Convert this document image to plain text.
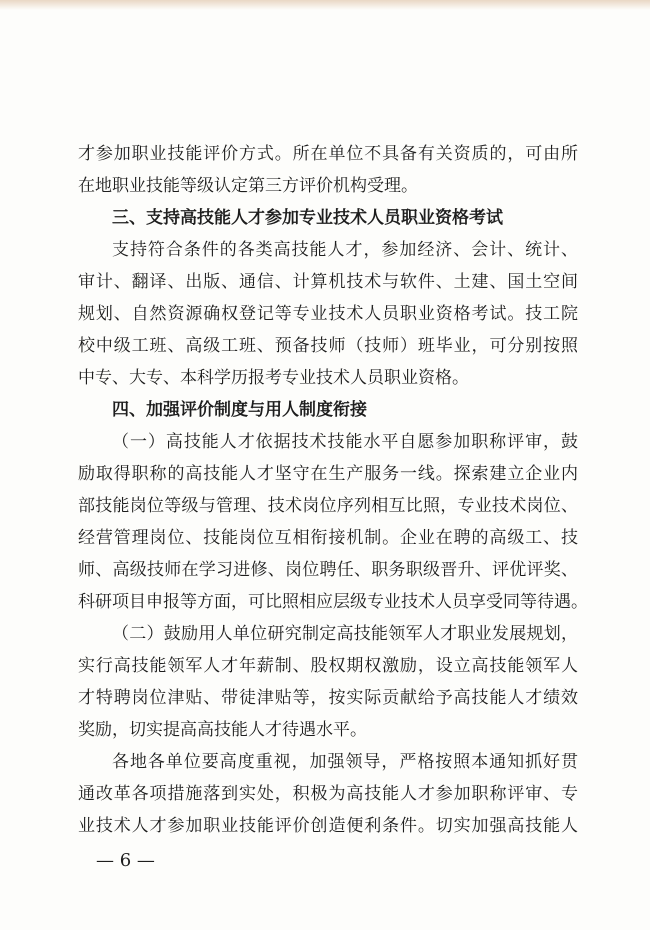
才参加职业技能评价方式。所在单位不具备有关资质的，可由所
在地职业技能等级认定第三方评价机构受理。
三、支持高技能人才参加专业技术人员职业资格考试
支持符合条件的各类高技能人才，参加经济、会计、统计、
审计、翻译、出版、通信、计算机技术与软件、土建、国土空间
规划、自然资源确权登记等专业技术人员职业资格考试。技工院
校中级工班、高级工班、预备技师（技师）班毕业，可分别按照
中专、大专、本科学历报考专业技术人员职业资格。
四、加强评价制度与用人制度衔接
（一）高技能人才依据技术技能水平自愿参加职称评审，鼓
励取得职称的高技能人才坚守在生产服务一线。探索建立企业内
部技能岗位等级与管理、技术岗位序列相互比照，专业技术岗位、
经营管理岗位、技能岗位互相衔接机制。企业在聘的高级工、技
师、高级技师在学习进修、岗位聘任、职务职级晋升、评优评奖、
科研项目申报等方面，可比照相应层级专业技术人员享受同等待遇。
（二）鼓励用人单位研究制定高技能领军人才职业发展规划，
实行高技能领军人才年薪制、股权期权激励，设立高技能领军人
才特聘岗位津贴、带徒津贴等，按实际贡献给予高技能人才绩效
奖励，切实提高高技能人才待遇水平。
各地各单位要高度重视，加强领导，严格按照本通知抓好贯
通改革各项措施落到实处，积极为高技能人才参加职称评审、专
业技术人才参加职业技能评价创造便利条件。切实加强高技能人
— 6 —
